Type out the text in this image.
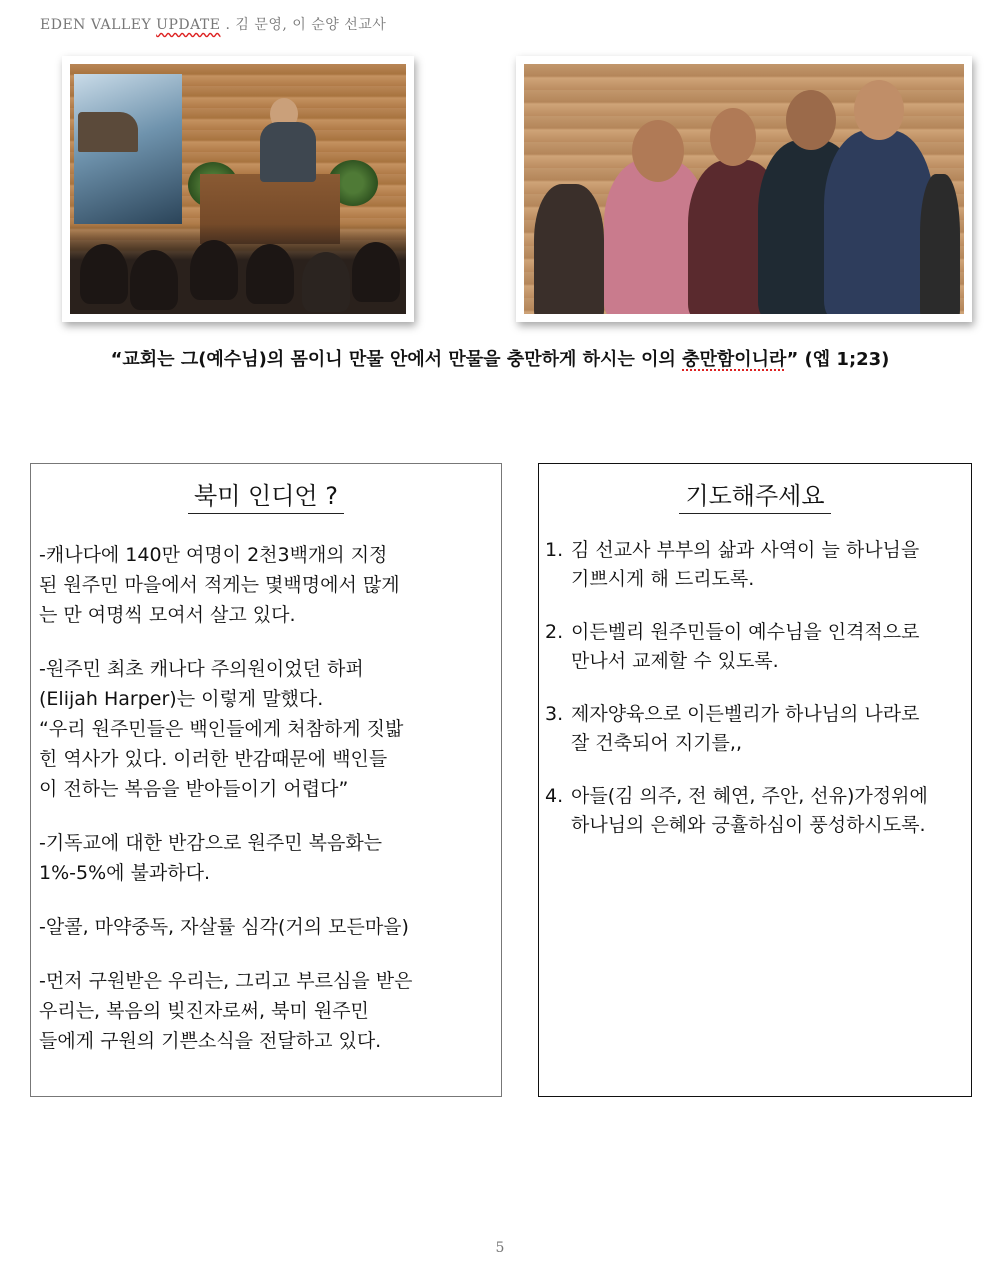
EDEN VALLEY UPDATE . 김 문영, 이 순양 선교사
“교회는 그(예수님)의 몸이니 만물 안에서 만물을 충만하게 하시는 이의 충만함이니라” (엡 1;23)
북미 인디언 ?

-캐나다에 140만 여명이 2천3백개의 지정
된 원주민 마을에서 적게는 몇백명에서 많게
는 만 여명씩 모여서 살고 있다.

-원주민 최초 캐나다 주의원이었던 하퍼
(Elijah Harper)는 이렇게 말했다.
“우리 원주민들은 백인들에게 처참하게 짓밟
힌 역사가 있다. 이러한 반감때문에 백인들
이 전하는 복음을 받아들이기 어렵다”

-기독교에 대한 반감으로 원주민 복음화는
1%-5%에 불과하다.

-알콜, 마약중독, 자살률 심각(거의 모든마을)

-먼저 구원받은 우리는, 그리고 부르심을 받은
우리는, 복음의 빚진자로써, 북미 원주민
들에게 구원의 기쁜소식을 전달하고 있다.

기도해주세요
1. 김 선교사 부부의 삶과 사역이 늘 하나님을
기쁘시게 해 드리도록.
2. 이든벨리 원주민들이 예수님을 인격적으로
만나서 교제할 수 있도록.
3. 제자양육으로 이든벨리가 하나님의 나라로
잘 건축되어 지기를,,
4. 아들(김 의주, 전 혜연, 주안, 선유)가정위에
하나님의 은혜와 긍휼하심이 풍성하시도록.
5
